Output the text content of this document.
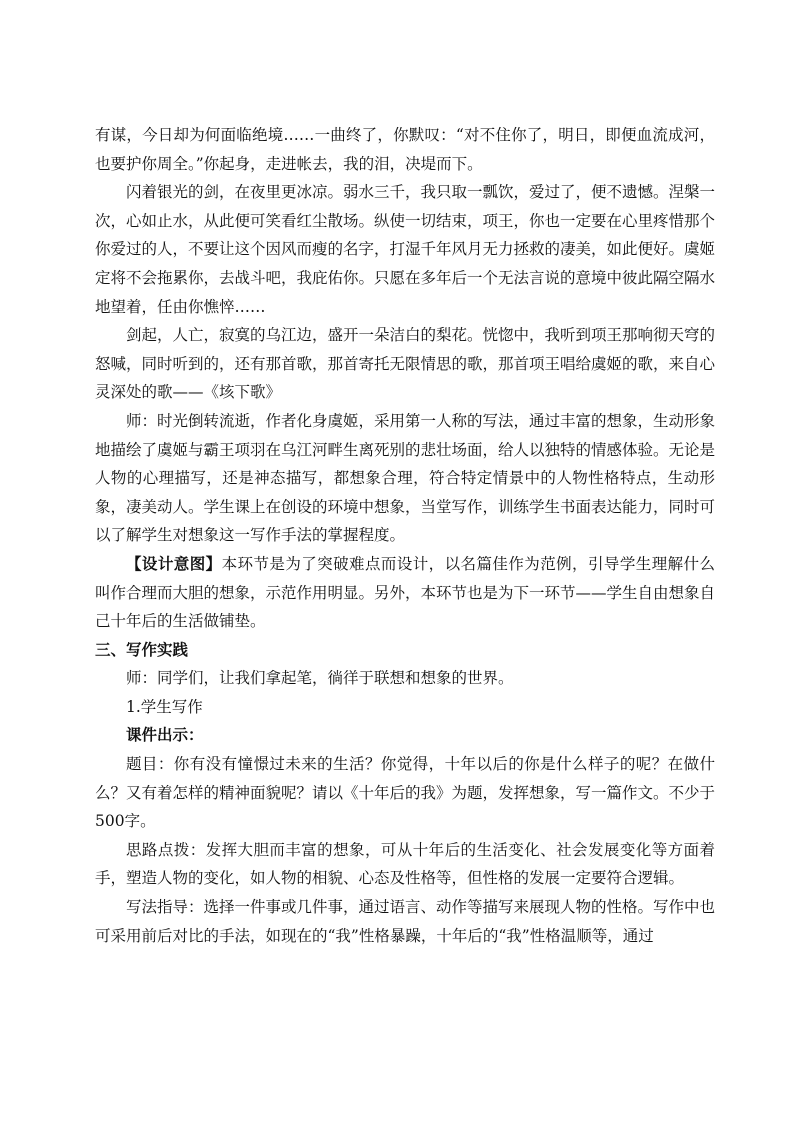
有谋，今日却为何面临绝境……一曲终了，你默叹：“对不住你了，明日，即便血流成河，也要护你周全。”你起身，走进帐去，我的泪，决堤而下。

闪着银光的剑，在夜里更冰凉。弱水三千，我只取一瓢饮，爱过了，便不遗憾。涅槃一次，心如止水，从此便可笑看红尘散场。纵使一切结束，项王，你也一定要在心里疼惜那个你爱过的人，不要让这个因风而瘦的名字，打湿千年风月无力拯救的凄美，如此便好。虞姬定将不会拖累你，去战斗吧，我庇佑你。只愿在多年后一个无法言说的意境中彼此隔空隔水地望着，任由你憔悴……

剑起，人亡，寂寞的乌江边，盛开一朵洁白的梨花。恍惚中，我听到项王那响彻天穹的怒喊，同时听到的，还有那首歌，那首寄托无限情思的歌，那首项王唱给虞姬的歌，来自心灵深处的歌——《垓下歌》

师：时光倒转流逝，作者化身虞姬，采用第一人称的写法，通过丰富的想象，生动形象地描绘了虞姬与霸王项羽在乌江河畔生离死别的悲壮场面，给人以独特的情感体验。无论是人物的心理描写，还是神态描写，都想象合理，符合特定情景中的人物性格特点，生动形象，凄美动人。学生课上在创设的环境中想象，当堂写作，训练学生书面表达能力，同时可以了解学生对想象这一写作手法的掌握程度。

【设计意图】本环节是为了突破难点而设计，以名篇佳作为范例，引导学生理解什么叫作合理而大胆的想象，示范作用明显。另外，本环节也是为下一环节——学生自由想象自己十年后的生活做铺垫。

三、写作实践

师：同学们，让我们拿起笔，徜徉于联想和想象的世界。

1.学生写作

课件出示：

题目：你有没有憧憬过未来的生活？你觉得，十年以后的你是什么样子的呢？在做什么？又有着怎样的精神面貌呢？请以《十年后的我》为题，发挥想象，写一篇作文。不少于500字。

思路点拨：发挥大胆而丰富的想象，可从十年后的生活变化、社会发展变化等方面着手，塑造人物的变化，如人物的相貌、心态及性格等，但性格的发展一定要符合逻辑。

写法指导：选择一件事或几件事，通过语言、动作等描写来展现人物的性格。写作中也可采用前后对比的手法，如现在的“我”性格暴躁，十年后的“我”性格温顺等，通过
